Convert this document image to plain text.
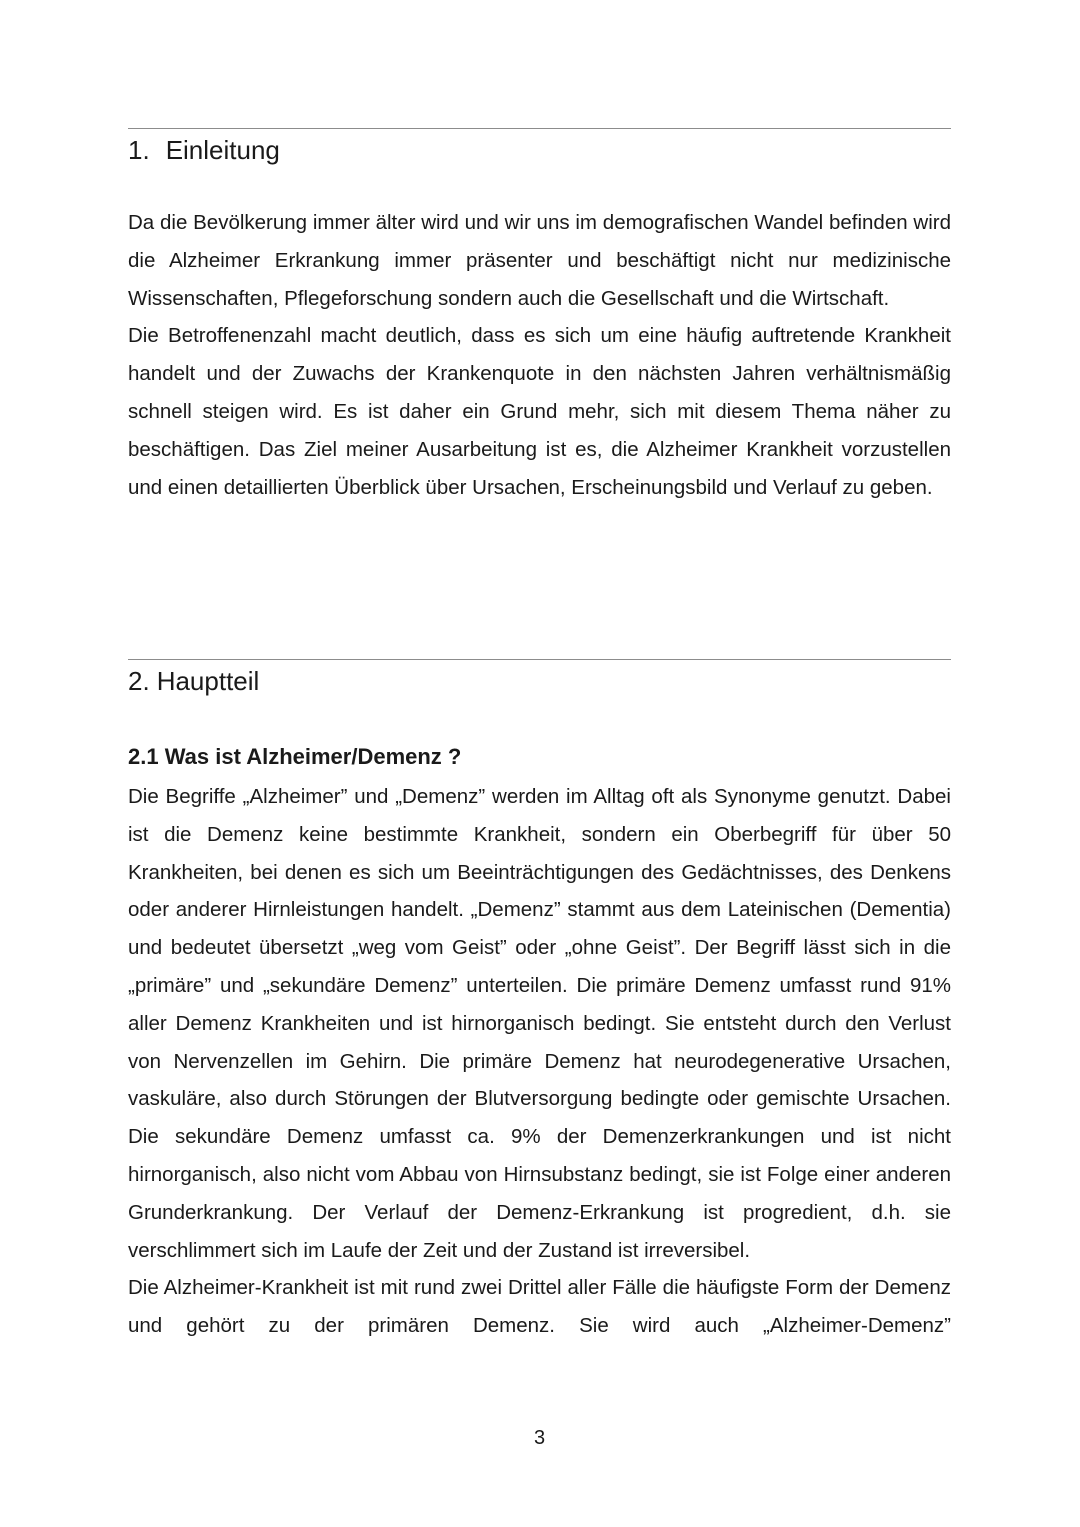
1. Einleitung

Da die Bevölkerung immer älter wird und wir uns im demografischen Wandel befinden wird die Alzheimer Erkrankung immer präsenter und beschäftigt nicht nur medizinische Wissenschaften, Pflegeforschung sondern auch die Gesellschaft und die Wirtschaft.

Die Betroffenenzahl macht deutlich, dass es sich um eine häufig auftretende Krankheit handelt und der Zuwachs der Krankenquote in den nächsten Jahren verhältnismäßig schnell steigen wird. Es ist daher ein Grund mehr, sich mit diesem Thema näher zu beschäftigen. Das Ziel meiner Ausarbeitung ist es, die Alzheimer Krankheit vorzustellen und einen detaillierten Überblick über Ursachen, Erscheinungsbild und Verlauf zu geben.

2. Hauptteil
2.1 Was ist Alzheimer/Demenz ?

Die Begriffe „Alzheimer” und „Demenz” werden im Alltag oft als Synonyme genutzt. Dabei ist die Demenz keine bestimmte Krankheit, sondern ein Oberbegriff für über 50 Krankheiten, bei denen es sich um Beeinträchtigungen des Gedächtnisses, des Denkens oder anderer Hirnleistungen handelt. „Demenz” stammt aus dem Lateinischen (Dementia) und bedeutet übersetzt „weg vom Geist” oder „ohne Geist”. Der Begriff lässt sich in die „primäre” und „sekundäre Demenz” unterteilen. Die primäre Demenz umfasst rund 91% aller Demenz Krankheiten und ist hirnorganisch bedingt. Sie entsteht durch den Verlust von Nervenzellen im Gehirn. Die primäre Demenz hat neurodegenerative Ursachen, vaskuläre, also durch Störungen der Blutversorgung bedingte oder gemischte Ursachen. Die sekundäre Demenz umfasst ca. 9% der Demenzerkrankungen und ist nicht hirnorganisch, also nicht vom Abbau von Hirnsubstanz bedingt, sie ist Folge einer anderen Grunderkrankung. Der Verlauf der Demenz-Erkrankung ist progredient, d.h. sie verschlimmert sich im Laufe der Zeit und der Zustand ist irreversibel.

Die Alzheimer-Krankheit ist mit rund zwei Drittel aller Fälle die häufigste Form der Demenz und gehört zu der primären Demenz. Sie wird auch „Alzheimer-Demenz”

3
